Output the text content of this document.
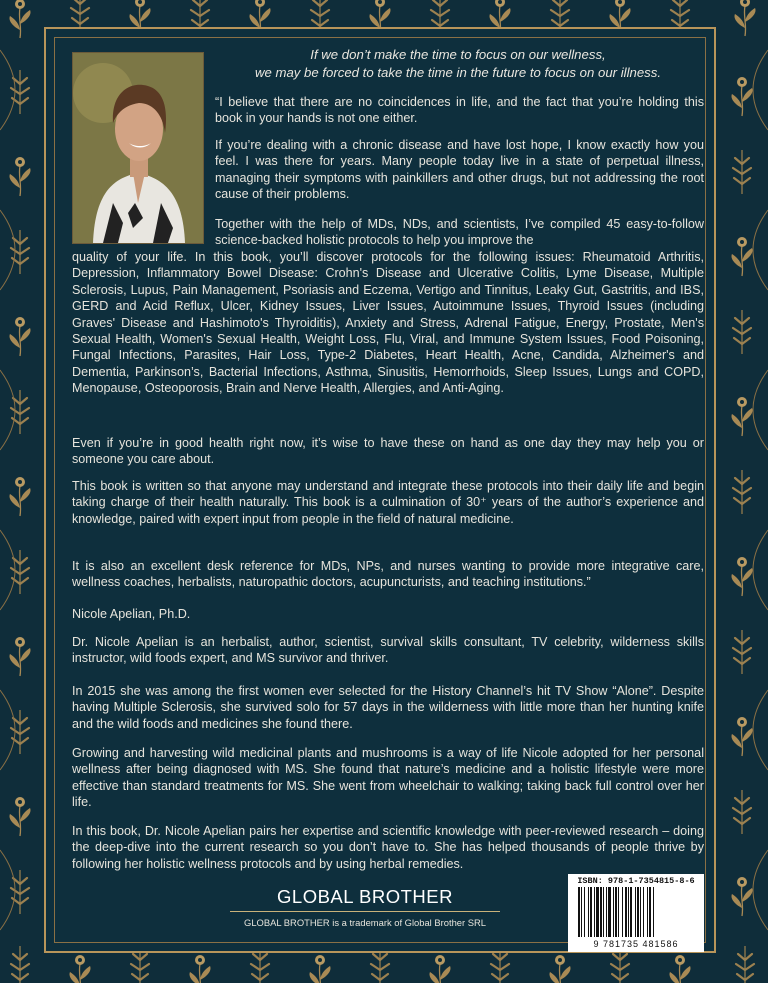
If we don’t make the time to focus on our wellness,
we may be forced to take the time in the future to focus on our illness.

“I believe that there are no coincidences in life, and the fact that you’re holding this book in your hands is not one either.

If you’re dealing with a chronic disease and have lost hope, I know exactly how you feel. I was there for years. Many people today live in a state of perpetual illness, managing their symptoms with painkillers and other drugs, but not addressing the root cause of their problems.

Together with the help of MDs, NDs, and scientists, I’ve compiled 45 easy-to-follow science-backed holistic protocols to help you improve the

quality of your life. In this book, you’ll discover protocols for the following issues: Rheumatoid Arthritis, Depression, Inflammatory Bowel Disease: Crohn's Disease and Ulcerative Colitis, Lyme Disease, Multiple Sclerosis, Lupus, Pain Management, Psoriasis and Eczema, Vertigo and Tinnitus, Leaky Gut, Gastritis, and IBS, GERD and Acid Reflux, Ulcer, Kidney Issues, Liver Issues, Autoimmune Issues, Thyroid Issues (including Graves' Disease and Hashimoto's Thyroiditis), Anxiety and Stress, Adrenal Fatigue, Energy, Prostate, Men's Sexual Health, Women's Sexual Health, Weight Loss, Flu, Viral, and Immune System Issues, Food Poisoning, Fungal Infections, Parasites, Hair Loss, Type-2 Diabetes, Heart Health, Acne, Candida, Alzheimer's and Dementia, Parkinson’s, Bacterial Infections, Asthma, Sinusitis, Hemorrhoids, Sleep Issues, Lungs and COPD, Menopause, Osteoporosis, Brain and Nerve Health, Allergies, and Anti-Aging.

Even if you’re in good health right now, it’s wise to have these on hand as one day they may help you or someone you care about.

This book is written so that anyone may understand and integrate these protocols into their daily life and begin taking charge of their health naturally. This book is a culmination of 30⁺ years of the author’s experience and knowledge, paired with expert input from people in the field of natural medicine.

It is also an excellent desk reference for MDs, NPs, and nurses wanting to provide more integrative care, wellness coaches, herbalists, naturopathic doctors, acupuncturists, and teaching institutions.”

Nicole Apelian, Ph.D.

Dr. Nicole Apelian is an herbalist, author, scientist, survival skills consultant, TV celebrity, wilderness skills instructor, wild foods expert, and MS survivor and thriver.

In 2015 she was among the first women ever selected for the History Channel’s hit TV Show “Alone”. Despite having Multiple Sclerosis, she survived solo for 57 days in the wilderness with little more than her hunting knife and the wild foods and medicines she found there.

Growing and harvesting wild medicinal plants and mushrooms is a way of life Nicole adopted for her personal wellness after being diagnosed with MS. She found that nature’s medicine and a holistic lifestyle were more effective than standard treatments for MS. She went from wheelchair to walking; taking back full control over her life.

In this book, Dr. Nicole Apelian pairs her expertise and scientific knowledge with peer-reviewed research – doing the deep-dive into the current research so you don’t have to. She has helped thousands of people thrive by following her holistic wellness protocols and by using herbal remedies.

GLOBAL BROTHER
GLOBAL BROTHER is a trademark of Global Brother SRL
ISBN: 978-1-7354815-8-6
9 781735 481586
